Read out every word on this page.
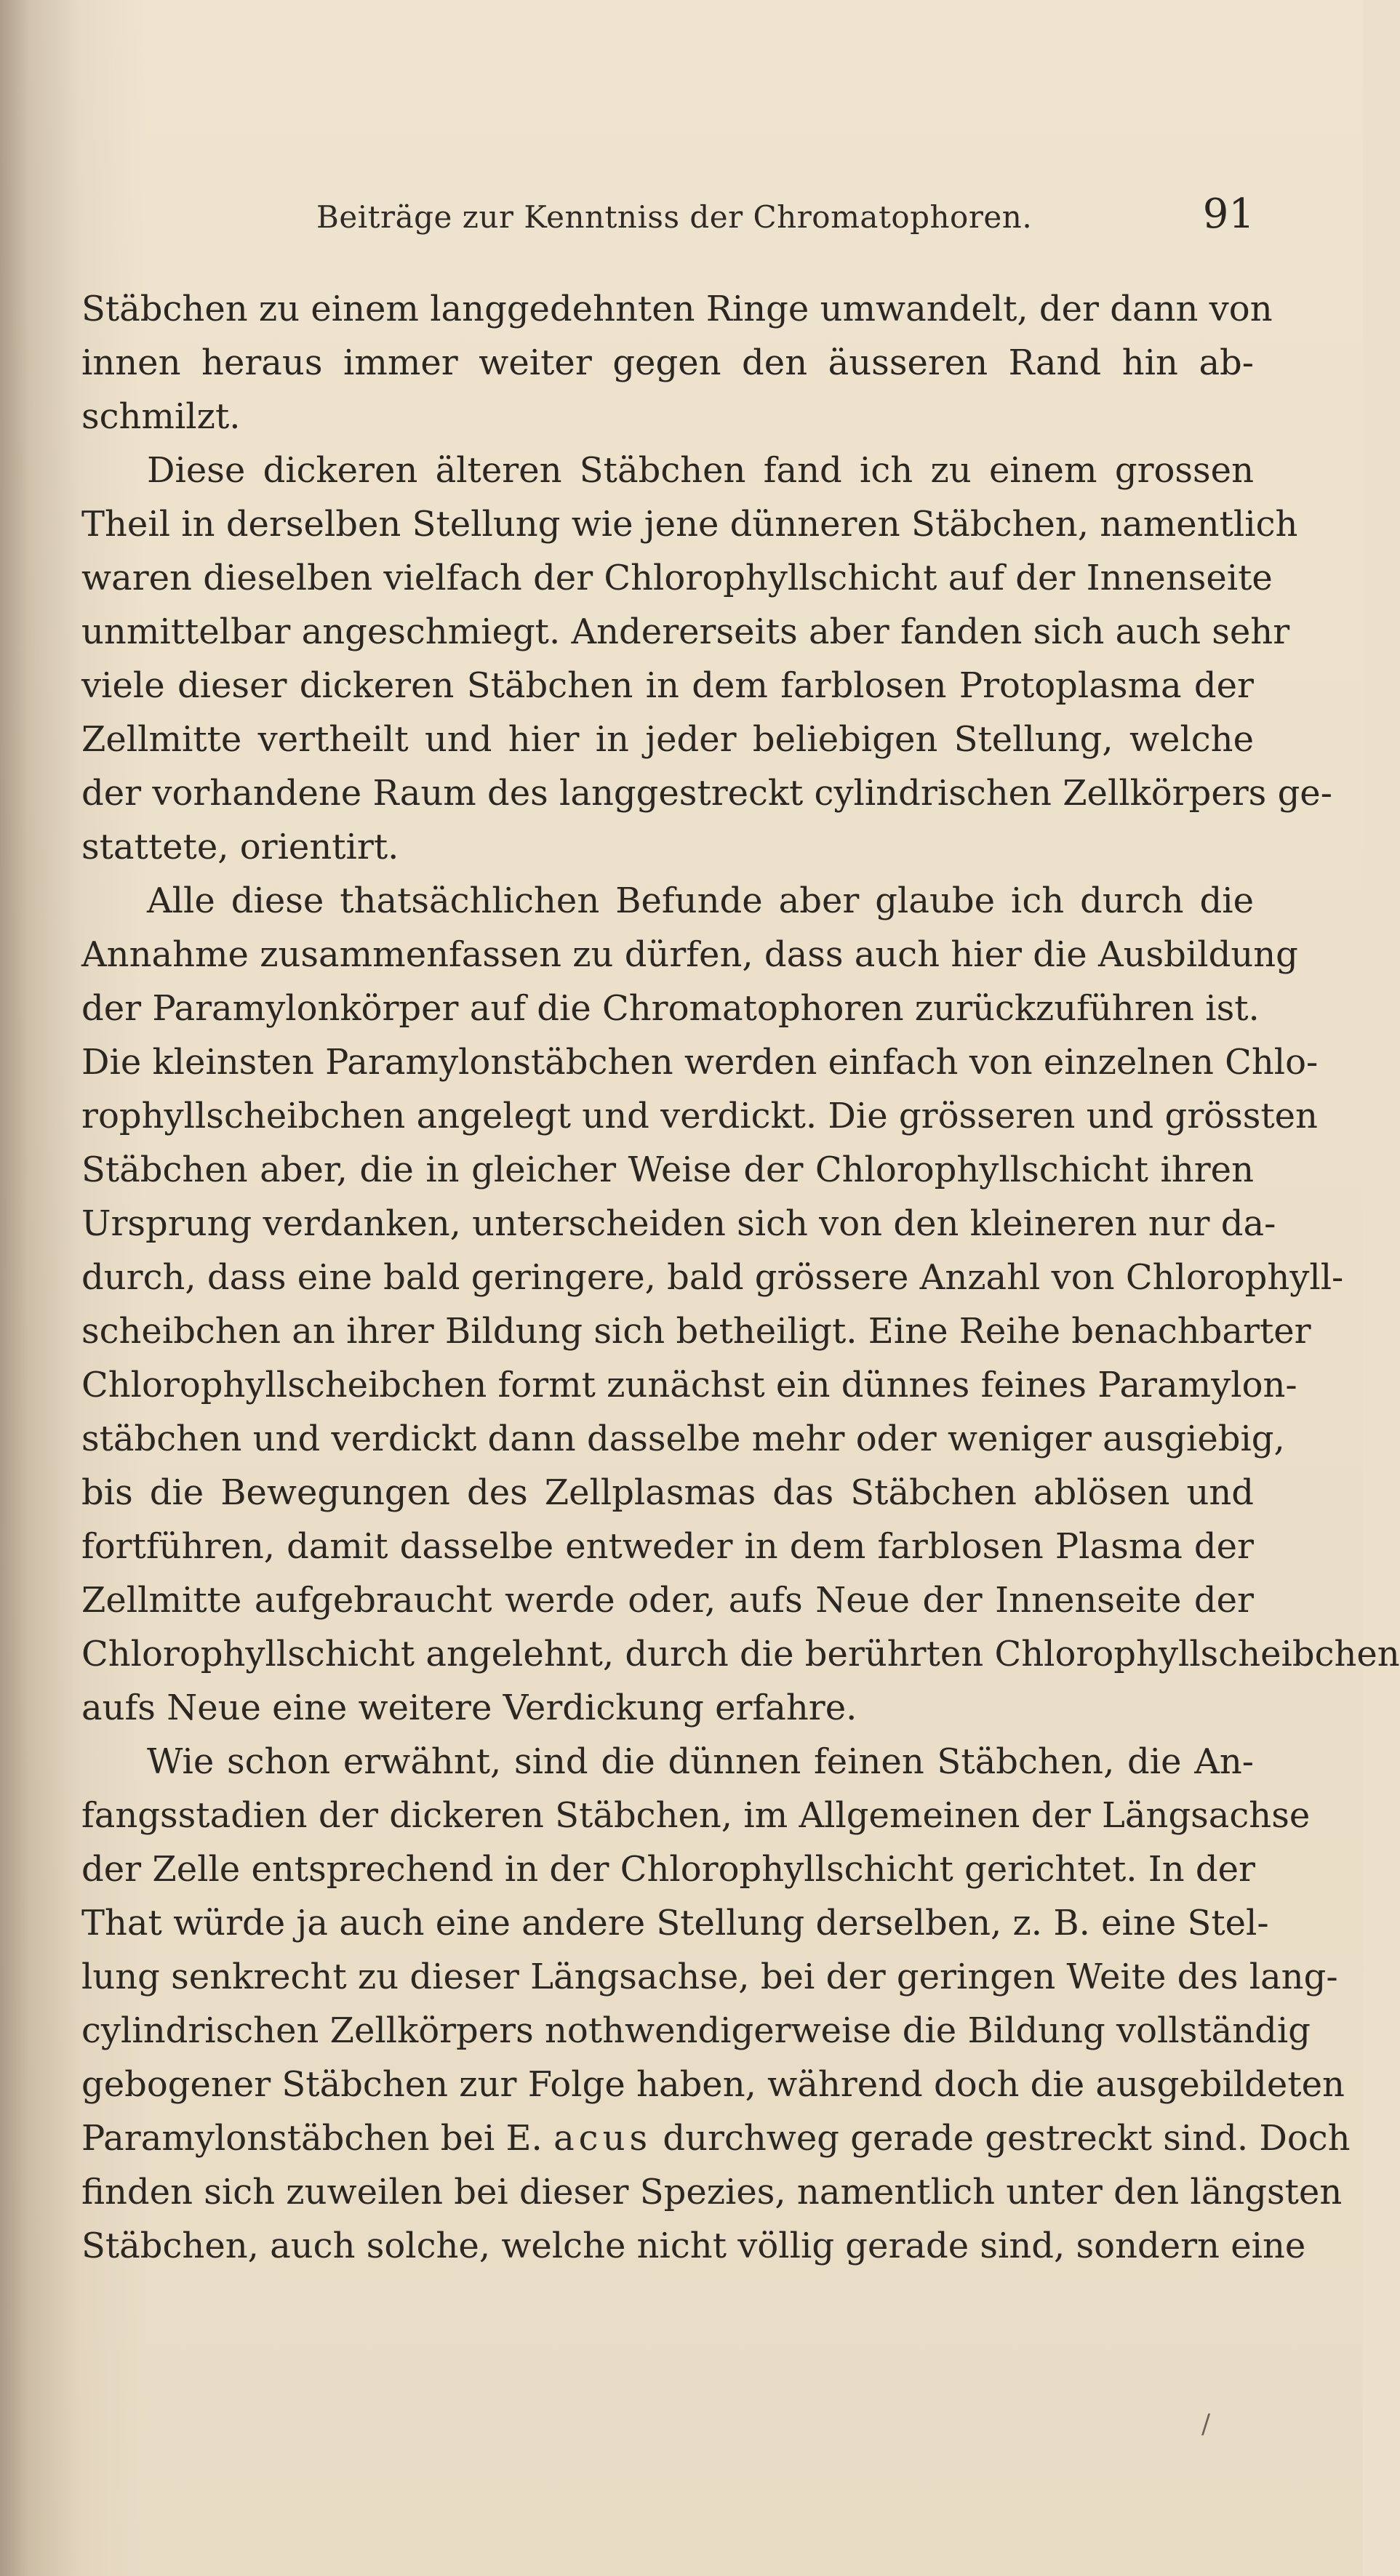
Beiträge zur Kenntniss der Chromatophoren.	91
Stäbchen zu einem langgedehnten Ringe umwandelt, der dann von
innen heraus immer weiter gegen den äusseren Rand hin ab-
schmilzt.
Diese dickeren älteren Stäbchen fand ich zu einem grossen
Theil in derselben Stellung wie jene dünneren Stäbchen, namentlich
waren dieselben vielfach der Chlorophyllschicht auf der Innenseite
unmittelbar angeschmiegt. Andererseits aber fanden sich auch sehr
viele dieser dickeren Stäbchen in dem farblosen Protoplasma der
Zellmitte vertheilt und hier in jeder beliebigen Stellung, welche
der vorhandene Raum des langgestreckt cylindrischen Zellkörpers ge-
stattete, orientirt.
Alle diese thatsächlichen Befunde aber glaube ich durch die
Annahme zusammenfassen zu dürfen, dass auch hier die Ausbildung
der Paramylonkörper auf die Chromatophoren zurückzuführen ist.
Die kleinsten Paramylonstäbchen werden einfach von einzelnen Chlo-
rophyllscheibchen angelegt und verdickt. Die grösseren und grössten
Stäbchen aber, die in gleicher Weise der Chlorophyllschicht ihren
Ursprung verdanken, unterscheiden sich von den kleineren nur da-
durch, dass eine bald geringere, bald grössere Anzahl von Chlorophyll-
scheibchen an ihrer Bildung sich betheiligt. Eine Reihe benachbarter
Chlorophyllscheibchen formt zunächst ein dünnes feines Paramylon-
stäbchen und verdickt dann dasselbe mehr oder weniger ausgiebig,
bis die Bewegungen des Zellplasmas das Stäbchen ablösen und
fortführen, damit dasselbe entweder in dem farblosen Plasma der
Zellmitte aufgebraucht werde oder, aufs Neue der Innenseite der
Chlorophyllschicht angelehnt, durch die berührten Chlorophyllscheibchen
aufs Neue eine weitere Verdickung erfahre.
Wie schon erwähnt, sind die dünnen feinen Stäbchen, die An-
fangsstadien der dickeren Stäbchen, im Allgemeinen der Längsachse
der Zelle entsprechend in der Chlorophyllschicht gerichtet. In der
That würde ja auch eine andere Stellung derselben, z. B. eine Stel-
lung senkrecht zu dieser Längsachse, bei der geringen Weite des lang-
cylindrischen Zellkörpers nothwendigerweise die Bildung vollständig
gebogener Stäbchen zur Folge haben, während doch die ausgebildeten
Paramylonstäbchen bei E. acus durchweg gerade gestreckt sind. Doch
finden sich zuweilen bei dieser Spezies, namentlich unter den längsten
Stäbchen, auch solche, welche nicht völlig gerade sind, sondern eine
/
